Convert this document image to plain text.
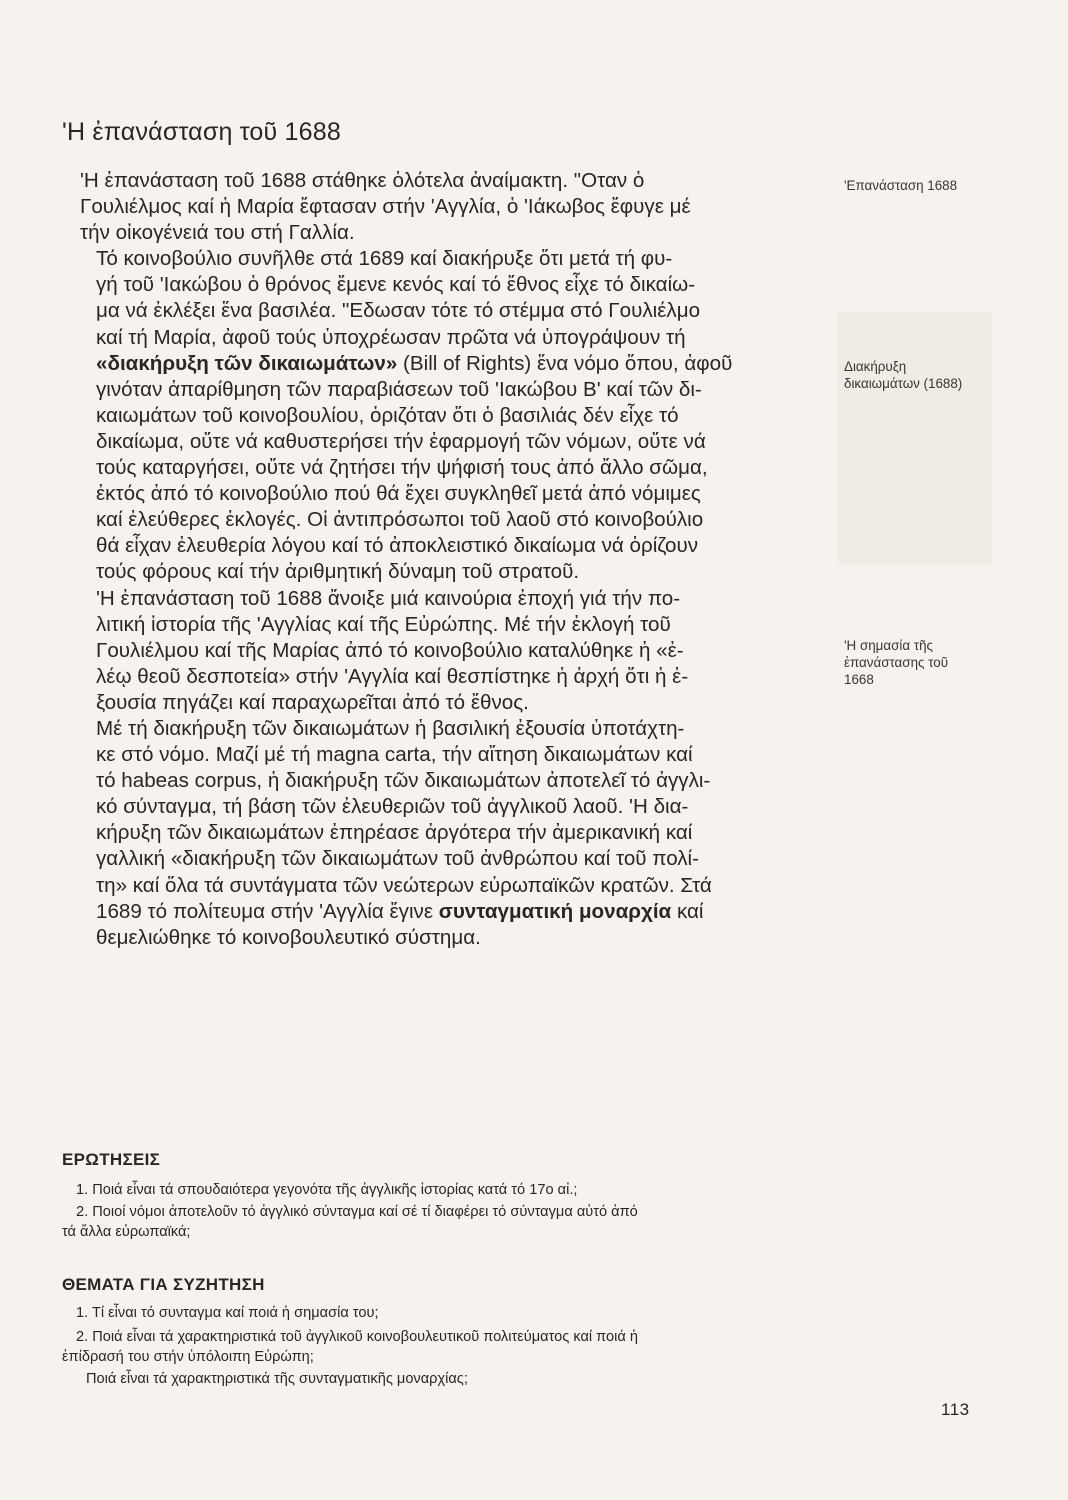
'Η ἐπανάσταση τοῦ 1688

'Η ἐπανάσταση τοῦ 1688 στάθηκε ὁλότελα ἀναίμακτη. "Οταν ὁ
Γουλιέλμος καί ἡ Μαρία ἔφτασαν στήν 'Αγγλία, ὁ 'Ιάκωβος ἔφυγε μέ
τήν οἰκογένειά του στή Γαλλία.

Τό κοινοβούλιο συνῆλθε στά 1689 καί διακήρυξε ὅτι μετά τή φυ-
γή τοῦ 'Ιακώβου ὁ θρόνος ἔμενε κενός καί τό ἔθνος εἶχε τό δικαίω-
μα νά ἐκλέξει ἕνα βασιλέα. "Εδωσαν τότε τό στέμμα στό Γουλιέλμο
καί τή Μαρία, ἀφοῦ τούς ὑποχρέωσαν πρῶτα νά ὑπογράψουν τή
«διακήρυξη τῶν δικαιωμάτων» (Bill of Rights) ἕνα νόμο ὅπου, ἀφοῦ
γινόταν ἀπαρίθμηση τῶν παραβιάσεων τοῦ 'Ιακώβου Β' καί τῶν δι-
καιωμάτων τοῦ κοινοβουλίου, ὁριζόταν ὅτι ὁ βασιλιάς δέν εἶχε τό
δικαίωμα, οὔτε νά καθυστερήσει τήν ἐφαρμογή τῶν νόμων, οὔτε νά
τούς καταργήσει, οὔτε νά ζητήσει τήν ψήφισή τους ἀπό ἄλλο σῶμα,
ἐκτός ἀπό τό κοινοβούλιο πού θά ἔχει συγκληθεῖ μετά ἀπό νόμιμες
καί ἐλεύθερες ἐκλογές. Οἱ ἀντιπρόσωποι τοῦ λαοῦ στό κοινοβούλιο
θά εἶχαν ἐλευθερία λόγου καί τό ἀποκλειστικό δικαίωμα νά ὁρίζουν
τούς φόρους καί τήν ἀριθμητική δύναμη τοῦ στρατοῦ.

'Η ἐπανάσταση τοῦ 1688 ἄνοιξε μιά καινούρια ἐποχή γιά τήν πο-
λιτική ἱστορία τῆς 'Αγγλίας καί τῆς Εὐρώπης. Μέ τήν ἐκλογή τοῦ
Γουλιέλμου καί τῆς Μαρίας ἀπό τό κοινοβούλιο καταλύθηκε ἡ «ἐ-
λέῳ θεοῦ δεσποτεία» στήν 'Αγγλία καί θεσπίστηκε ἡ ἀρχή ὅτι ἡ ἐ-
ξουσία πηγάζει καί παραχωρεῖται ἀπό τό ἔθνος.

Μέ τή διακήρυξη τῶν δικαιωμάτων ἡ βασιλική ἐξουσία ὑποτάχτη-
κε στό νόμο. Μαζί μέ τή magna carta, τήν αἴτηση δικαιωμάτων καί
τό habeas corpus, ἡ διακήρυξη τῶν δικαιωμάτων ἀποτελεῖ τό ἀγγλι-
κό σύνταγμα, τή βάση τῶν ἐλευθεριῶν τοῦ ἀγγλικοῦ λαοῦ. 'Η δια-
κήρυξη τῶν δικαιωμάτων ἐπηρέασε ἀργότερα τήν ἀμερικανική καί
γαλλική «διακήρυξη τῶν δικαιωμάτων τοῦ ἀνθρώπου καί τοῦ πολί-
τη» καί ὅλα τά συντάγματα τῶν νεώτερων εὐρωπαϊκῶν κρατῶν. Στά
1689 τό πολίτευμα στήν 'Αγγλία ἔγινε συνταγματική μοναρχία καί
θεμελιώθηκε τό κοινοβουλευτικό σύστημα.

'Επανάσταση 1688
Διακήρυξη
δικαιωμάτων (1688)
'Η σημασία τῆς
ἐπανάστασης τοῦ
1668
ΕΡΩΤΗΣΕΙΣ
1. Ποιά εἶναι τά σπουδαιότερα γεγονότα τῆς ἀγγλικῆς ἱστορίας κατά τό 17ο αἰ.;
2. Ποιοί νόμοι ἀποτελοῦν τό ἀγγλικό σύνταγμα καί σέ τί διαφέρει τό σύνταγμα αὐτό ἀπό
τά ἄλλα εὐρωπαϊκά;
ΘΕΜΑΤΑ ΓΙΑ ΣΥΖΗΤΗΣΗ
1. Τί εἶναι τό συνταγμα καί ποιά ἡ σημασία του;
2. Ποιά εἶναι τά χαρακτηριστικά τοῦ ἀγγλικοῦ κοινοβουλευτικοῦ πολιτεύματος καί ποιά ἡ
ἐπίδρασή του στήν ὑπόλοιπη Εὐρώπη;
Ποιά εἶναι τά χαρακτηριστικά τῆς συνταγματικῆς μοναρχίας;
113
